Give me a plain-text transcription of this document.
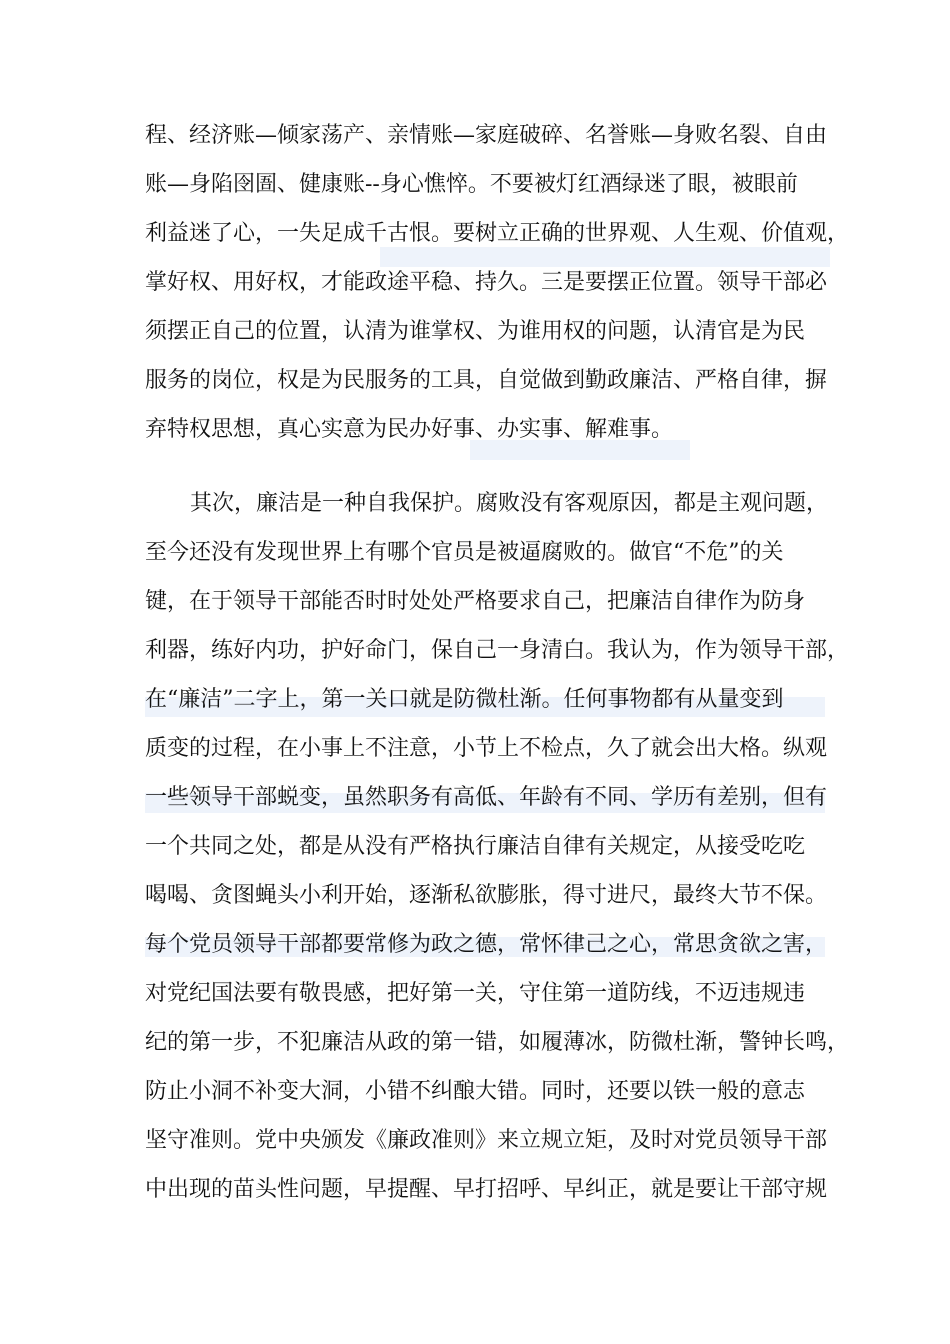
程、经济账—倾家荡产、亲情账—家庭破碎、名誉账—身败名裂、自由
账—身陷囹圄、健康账--身心憔悴。不要被灯红酒绿迷了眼，被眼前
利益迷了心，一失足成千古恨。要树立正确的世界观、人生观、价值观，
掌好权、用好权，才能政途平稳、持久。三是要摆正位置。领导干部必
须摆正自己的位置，认清为谁掌权、为谁用权的问题，认清官是为民
服务的岗位，权是为民服务的工具，自觉做到勤政廉洁、严格自律，摒
弃特权思想，真心实意为民办好事、办实事、解难事。
其次，廉洁是一种自我保护。腐败没有客观原因，都是主观问题，
至今还没有发现世界上有哪个官员是被逼腐败的。做官“不危”的关
键，在于领导干部能否时时处处严格要求自己，把廉洁自律作为防身
利器，练好内功，护好命门，保自己一身清白。我认为，作为领导干部，
在“廉洁”二字上，第一关口就是防微杜渐。任何事物都有从量变到
质变的过程，在小事上不注意，小节上不检点，久了就会出大格。纵观
一些领导干部蜕变，虽然职务有高低、年龄有不同、学历有差别，但有
一个共同之处，都是从没有严格执行廉洁自律有关规定，从接受吃吃
喝喝、贪图蝇头小利开始，逐渐私欲膨胀，得寸进尺，最终大节不保。
每个党员领导干部都要常修为政之德，常怀律己之心，常思贪欲之害，
对党纪国法要有敬畏感，把好第一关，守住第一道防线，不迈违规违
纪的第一步，不犯廉洁从政的第一错，如履薄冰，防微杜渐，警钟长鸣，
防止小洞不补变大洞，小错不纠酿大错。同时，还要以铁一般的意志
坚守准则。党中央颁发《廉政准则》来立规立矩，及时对党员领导干部
中出现的苗头性问题，早提醒、早打招呼、早纠正，就是要让干部守规
